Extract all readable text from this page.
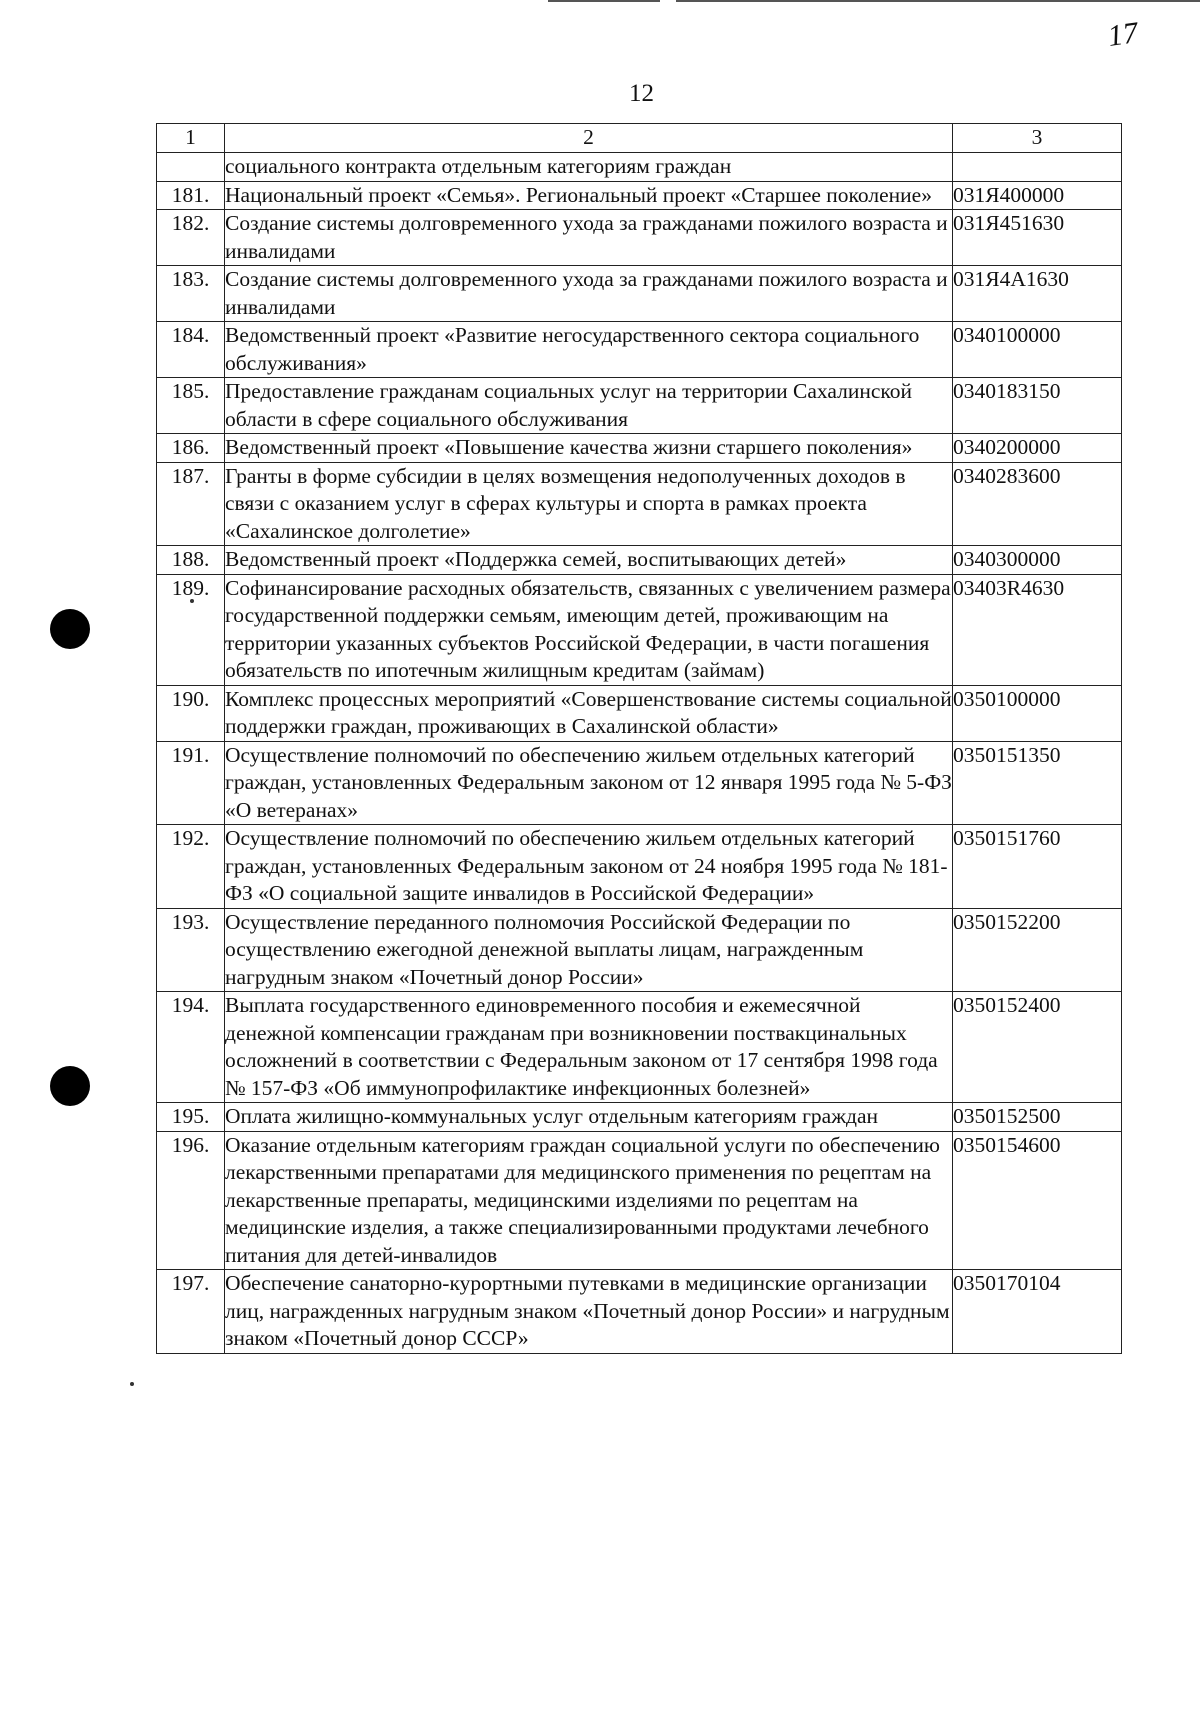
17
12
1	2	3
	социального контракта отдельным категориям граждан	
181.	Национальный проект «Семья». Региональный проект «Старшее поколение»	031Я400000
182.	Создание системы долговременного ухода за гражданами пожилого возраста и инвалидами	031Я451630
183.	Создание системы долговременного ухода за гражданами пожилого возраста и инвалидами	031Я4А1630
184.	Ведомственный проект «Развитие негосударственного сектора социального обслуживания»	0340100000
185.	Предоставление гражданам социальных услуг на территории Сахалинской области в сфере социального обслуживания	0340183150
186.	Ведомственный проект «Повышение качества жизни старшего поколения»	0340200000
187.	Гранты в форме субсидии в целях возмещения недополученных доходов в связи с оказанием услуг в сферах культуры и спорта в рамках проекта «Сахалинское долголетие»	0340283600
188.	Ведомственный проект «Поддержка семей, воспитывающих детей»	0340300000
189.	Софинансирование расходных обязательств, связанных с увеличением размера государственной поддержки семьям, имеющим детей, проживающим на территории указанных субъектов Российской Федерации, в части погашения обязательств по ипотечным жилищным кредитам (займам)	03403R4630
190.	Комплекс процессных мероприятий «Совершенствование системы социальной поддержки граждан, проживающих в Сахалинской области»	0350100000
191.	Осуществление полномочий по обеспечению жильем отдельных категорий граждан, установленных Федеральным законом от 12 января 1995 года № 5-ФЗ «О ветеранах»	0350151350
192.	Осуществление полномочий по обеспечению жильем отдельных категорий граждан, установленных Федеральным законом от 24 ноября 1995 года № 181-ФЗ «О социальной защите инвалидов в Российской Федерации»	0350151760
193.	Осуществление переданного полномочия Российской Федерации по осуществлению ежегодной денежной выплаты лицам, награжденным нагрудным знаком «Почетный донор России»	0350152200
194.	Выплата государственного единовременного пособия и ежемесячной денежной компенсации гражданам при возникновении поствакцинальных осложнений в соответствии с Федеральным законом от 17 сентября 1998 года № 157-ФЗ «Об иммунопрофилактике инфекционных болезней»	0350152400
195.	Оплата жилищно-коммунальных услуг отдельным категориям граждан	0350152500
196.	Оказание отдельным категориям граждан социальной услуги по обеспечению лекарственными препаратами для медицинского применения по рецептам на лекарственные препараты, медицинскими изделиями по рецептам на медицинские изделия, а также специализированными продуктами лечебного питания для детей-инвалидов	0350154600
197.	Обеспечение санаторно-курортными путевками в медицинские организации лиц, награжденных нагрудным знаком «Почетный донор России» и нагрудным знаком «Почетный донор СССР»	0350170104
